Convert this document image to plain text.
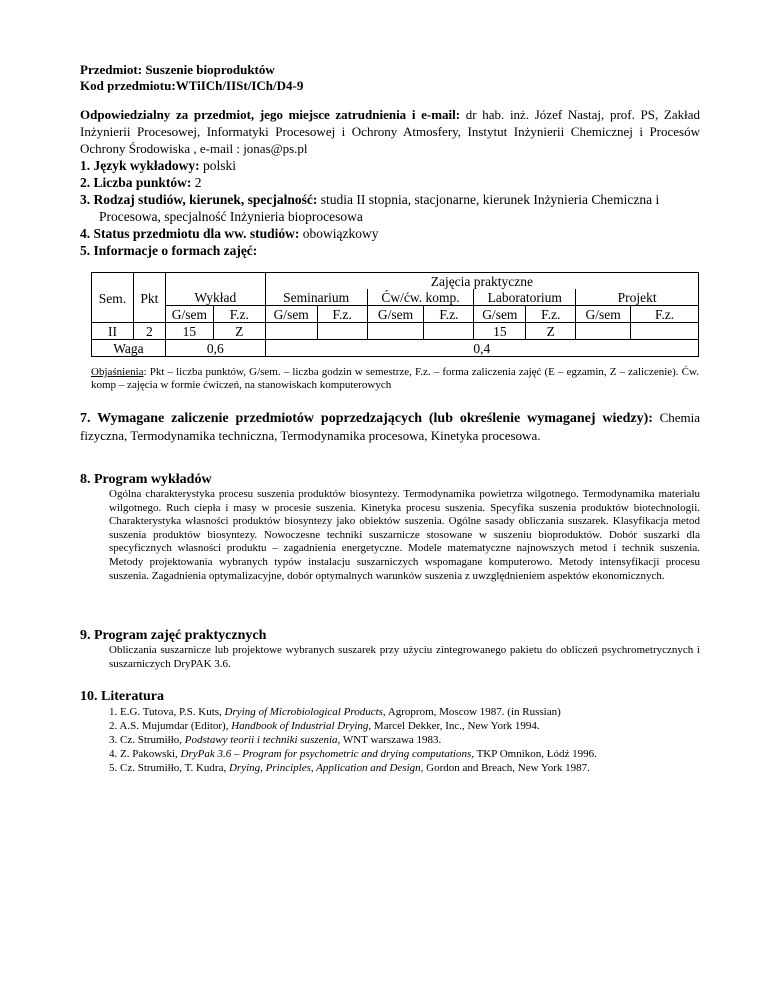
Przedmiot: Suszenie bioproduktów
Kod przedmiotu:WTiICh/IISt/ICh/D4-9
Odpowiedzialny za przedmiot, jego miejsce zatrudnienia i e-mail: dr hab. inż. Józef Nastaj, prof. PS, Zakład Inżynierii Procesowej, Informatyki Procesowej i Ochrony Atmosfery, Instytut Inżynierii Chemicznej i Procesów Ochrony Środowiska , e-mail : jonas@ps.pl
1. Język wykładowy: polski
2. Liczba punktów: 2
3. Rodzaj studiów, kierunek, specjalność: studia II stopnia, stacjonarne, kierunek Inżynieria Chemiczna i Procesowa, specjalność Inżynieria bioprocesowa
4. Status przedmiotu dla ww. studiów: obowiązkowy
5. Informacje o formach zajęć:
				Zajęcia praktyczne							
Sem.	Pkt	Wykład		Seminarium		Ćw/ćw. komp.		Laboratorium		Projekt	
		G/sem	F.z.	G/sem	F.z.	G/sem	F.z.	G/sem	F.z.	G/sem	F.z.
II	2	15	Z					15	Z		
Waga		0,6		0,4							
Objaśnienia: Pkt – liczba punktów, G/sem. – liczba godzin w semestrze, F.z. – forma zaliczenia zajęć (E – egzamin, Z – zaliczenie). Ćw. komp – zajęcia w formie ćwiczeń, na stanowiskach komputerowych
7. Wymagane zaliczenie przedmiotów poprzedzających (lub określenie wymaganej wiedzy): Chemia fizyczna, Termodynamika techniczna, Termodynamika procesowa, Kinetyka procesowa.
8. Program wykładów
Ogólna charakterystyka procesu suszenia produktów biosyntezy. Termodynamika powietrza wilgotnego. Termodynamika materiału wilgotnego. Ruch ciepła i masy w procesie suszenia. Kinetyka procesu suszenia. Specyfika suszenia produktów biotechnologii. Charakterystyka własności produktów biosyntezy jako obiektów suszenia. Ogólne sasady obliczania suszarek. Klasyfikacja metod suszenia produktów biosyntezy. Nowoczesne techniki suszarnicze stosowane w suszeniu bioproduktów. Dobór suszarki dla specyficznych własności produktu – zagadnienia energetyczne. Modele matematyczne najnowszych metod i technik suszenia. Metody projektowania wybranych typów instalacju suszarniczych wspomagane komputerowo. Metody intensyfikacji procesu suszenia. Zagadnienia optymalizacyjne, dobór optymalnych warunków suszenia z uwzględnieniem aspektów ekonomicznych.
9. Program zajęć praktycznych
Obliczania suszarnicze lub projektowe wybranych suszarek przy użyciu zintegrowanego pakietu do obliczeń psychrometrycznych i suszarniczych DryPAK 3.6.
10. Literatura
1. E.G. Tutova, P.S. Kuts, Drying of Microbiological Products, Agroprom, Moscow 1987. (in Russian)
2. A.S. Mujumdar (Editor), Handbook of Industrial Drying, Marcel Dekker, Inc., New York 1994.
3. Cz. Strumiłło, Podstawy teorii i techniki suszenia, WNT warszawa 1983.
4. Z. Pakowski, DryPak 3.6 – Program for psychometric and drying computations, TKP Omnikon, Łódź 1996.
5. Cz. Strumiłło, T. Kudra, Drying, Principles, Application and Design, Gordon and Breach, New York 1987.
